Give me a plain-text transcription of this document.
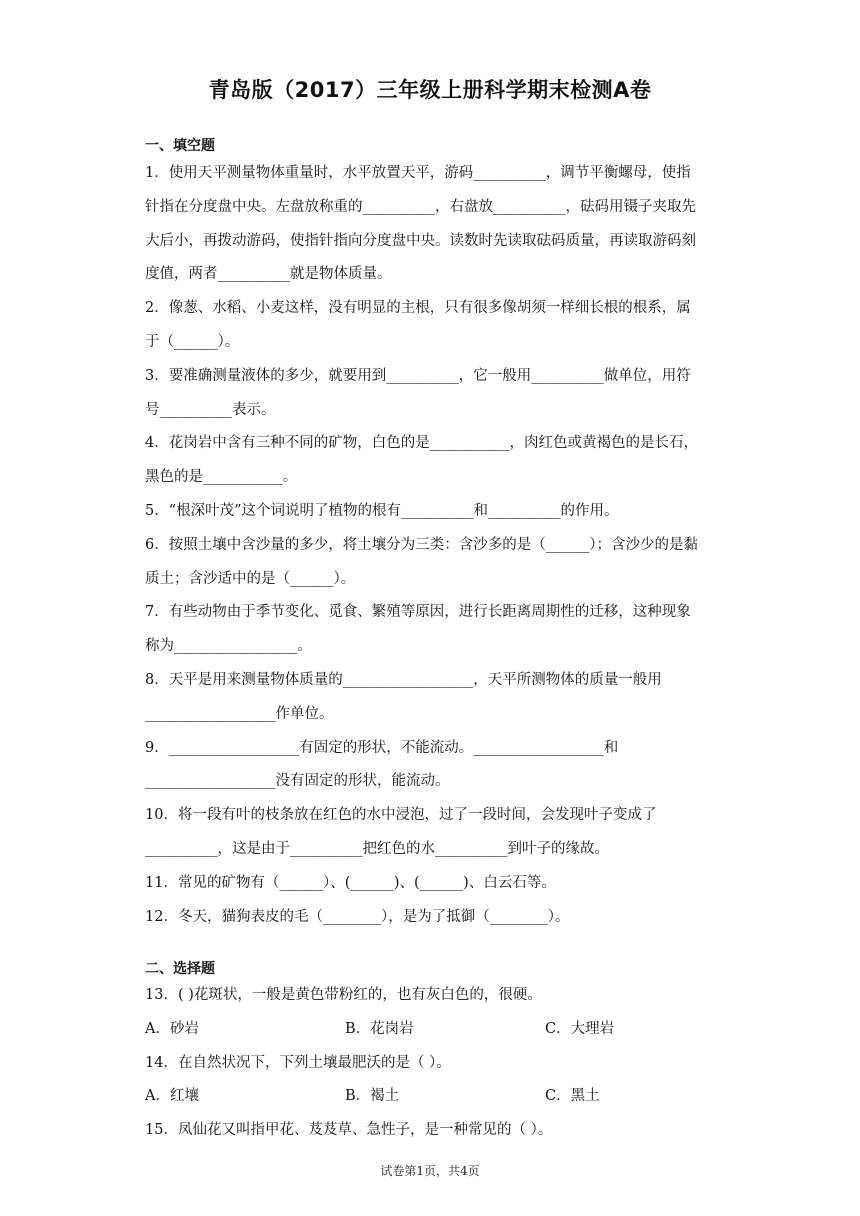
青岛版（2017）三年级上册科学期末检测A卷
一、填空题
1．使用天平测量物体重量时，水平放置天平，游码__________，调节平衡螺母，使指
针指在分度盘中央。左盘放称重的__________，右盘放__________，砝码用镊子夹取先
大后小，再拨动游码，使指针指向分度盘中央。读数时先读取砝码质量，再读取游码刻
度值，两者__________就是物体质量。
2．像葱、水稻、小麦这样，没有明显的主根，只有很多像胡须一样细长根的根系，属
于（______）。
3．要准确测量液体的多少，就要用到__________，它一般用__________做单位，用符
号__________表示。
4．花岗岩中含有三种不同的矿物，白色的是___________，肉红色或黄褐色的是长石，
黑色的是___________。
5．“根深叶茂”这个词说明了植物的根有__________和__________的作用。
6．按照土壤中含沙量的多少，将土壤分为三类：含沙多的是（______）；含沙少的是黏
质土；含沙适中的是（______）。
7．有些动物由于季节变化、觅食、繁殖等原因，进行长距离周期性的迁移，这种现象
称为_________________。
8．天平是用来测量物体质量的__________________，天平所测物体的质量一般用
__________________作单位。
9．__________________有固定的形状，不能流动。__________________和
__________________没有固定的形状，能流动。
10．将一段有叶的枝条放在红色的水中浸泡，过了一段时间，会发现叶子变成了
__________，这是由于__________把红色的水__________到叶子的缘故。
11．常见的矿物有（______）、(______)、(______)、白云石等。
12．冬天，猫狗表皮的毛（________），是为了抵御（________）。
二、选择题
13．( )花斑状，一般是黄色带粉红的，也有灰白色的，很硬。
A．砂岩	B．花岗岩	C．大理岩
14．在自然状况下，下列土壤最肥沃的是（ ）。
A．红壤	B．褐土	C．黑土
15．凤仙花又叫指甲花、芨芨草、急性子，是一种常见的（ ）。
试卷第1页，共4页
